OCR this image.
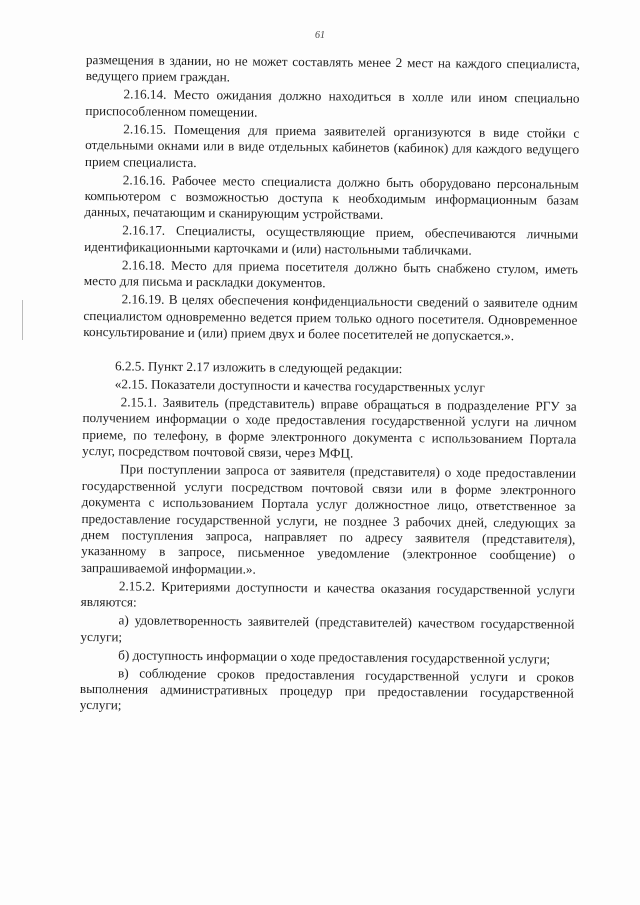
61

размещения в здании, но не может составлять менее 2 мест на каждого специалиста, ведущего прием граждан.

2.16.14. Место ожидания должно находиться в холле или ином специально приспособленном помещении.

2.16.15. Помещения для приема заявителей организуются в виде стойки с отдельными окнами или в виде отдельных кабинетов (кабинок) для каждого ведущего прием специалиста.

2.16.16. Рабочее место специалиста должно быть оборудовано персональным компьютером с возможностью доступа к необходимым информационным базам данных, печатающим и сканирующим устройствами.

2.16.17. Специалисты, осуществляющие прием, обеспечиваются личными идентификационными карточками и (или) настольными табличками.

2.16.18. Место для приема посетителя должно быть снабжено стулом, иметь место для письма и раскладки документов.

2.16.19. В целях обеспечения конфиденциальности сведений о заявителе одним специалистом одновременно ведется прием только одного посетителя. Одновременное консультирование и (или) прием двух и более посетителей не допускается.».

6.2.5. Пункт 2.17 изложить в следующей редакции:

«2.15. Показатели доступности и качества государственных услуг

2.15.1. Заявитель (представитель) вправе обращаться в подразделение РГУ за получением информации о ходе предоставления государственной услуги на личном приеме, по телефону, в форме электронного документа с использованием Портала услуг, посредством почтовой связи, через МФЦ.

При поступлении запроса от заявителя (представителя) о ходе предоставлении государственной услуги посредством почтовой связи или в форме электронного документа с использованием Портала услуг должностное лицо, ответственное за предоставление государственной услуги, не позднее 3 рабочих дней, следующих за днем поступления запроса, направляет по адресу заявителя (представителя), указанному в запросе, письменное уведомление (электронное сообщение) о запрашиваемой информации.».

2.15.2. Критериями доступности и качества оказания государственной услуги являются:

а) удовлетворенность заявителей (представителей) качеством государственной услуги;

б) доступность информации о ходе предоставления государственной услуги;

в) соблюдение сроков предоставления государственной услуги и сроков выполнения административных процедур при предоставлении государственной услуги;
